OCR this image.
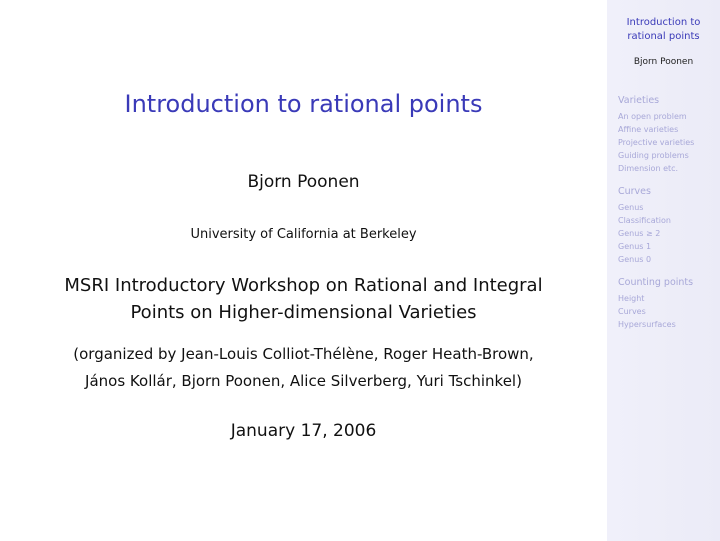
Introduction to rational points
Bjorn Poonen
University of California at Berkeley
MSRI Introductory Workshop on Rational and Integral
Points on Higher-dimensional Varieties
(organized by Jean-Louis Colliot-Thélène, Roger Heath-Brown,
János Kollár, Bjorn Poonen, Alice Silverberg, Yuri Tschinkel)
January 17, 2006
Introduction to
rational points
Bjorn Poonen
Varieties
An open problem
Affine varieties
Projective varieties
Guiding problems
Dimension etc.
Curves
Genus
Classification
Genus ≥ 2
Genus 1
Genus 0
Counting points
Height
Curves
Hypersurfaces
